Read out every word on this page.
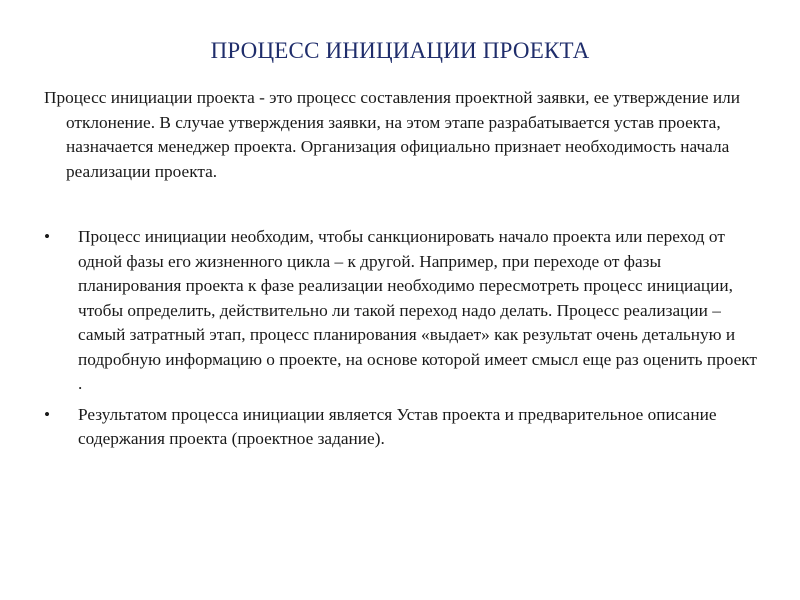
ПРОЦЕСС ИНИЦИАЦИИ ПРОЕКТА

Процесс инициации проекта - это процесс составления проектной заявки, ее утверждение или отклонение. В случае утверждения заявки, на этом этапе разрабатывается устав проекта, назначается менеджер проекта. Организация официально признает необходимость начала реализации проекта.

•	Процесс инициации необходим, чтобы санкционировать начало проекта или переход от одной фазы его жизненного цикла – к другой. Например, при переходе от фазы планирования проекта к фазе реализации необходимо пересмотреть процесс инициации, чтобы определить, действительно ли такой переход надо делать. Процесс реализации – самый затратный этап, процесс планирования «выдает» как результат очень детальную и подробную информацию о проекте, на основе которой имеет смысл еще раз оценить проект .
•	Результатом процесса инициации является Устав проекта и предварительное описание содержания проекта (проектное задание).
